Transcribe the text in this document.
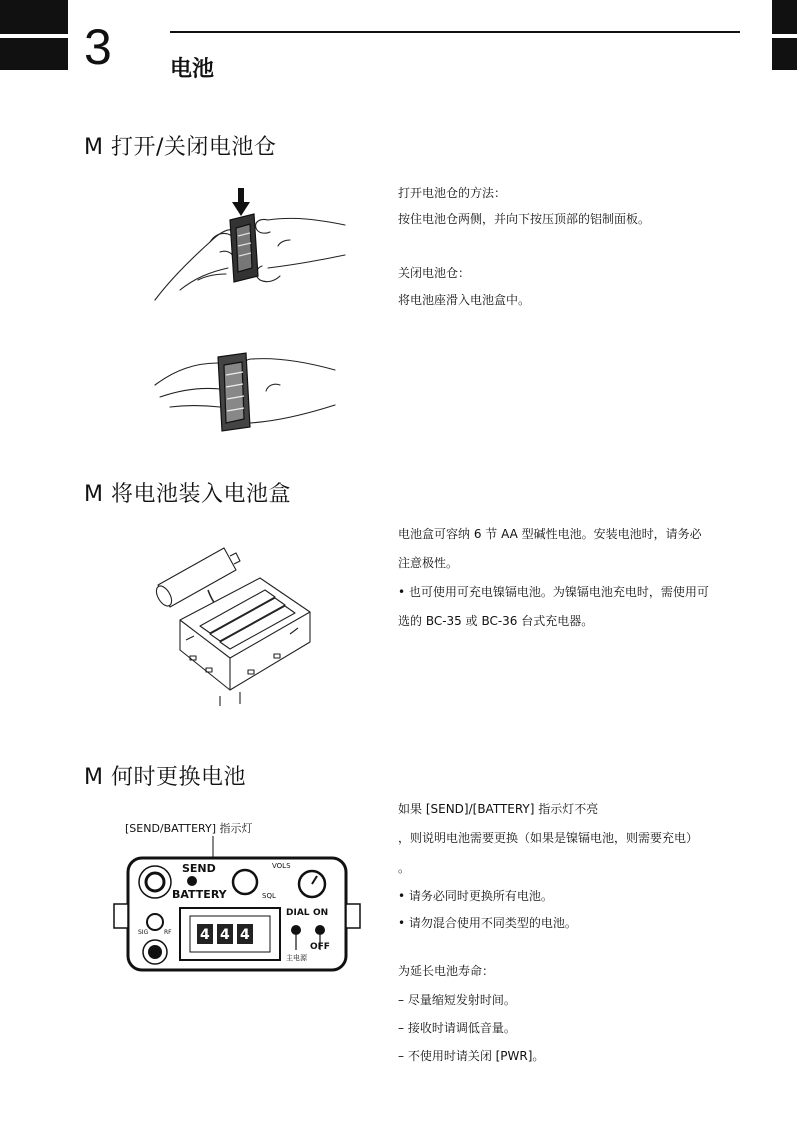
3	电池
M 打开/关闭电池仓
打开电池仓的方法：
按住电池仓两侧，并向下按压顶部的铝制面板。
关闭电池仓：
将电池座滑入电池盒中。
M 将电池装入电池盒
电池盒可容纳 6 节 AA 型碱性电池。安装电池时，请务必
注意极性。
• 也可使用可充电镍镉电池。为镍镉电池充电时，需使用可
选的 BC-35 或 BC-36 台式充电器。
M 何时更换电池
[SEND/BATTERY] 指示灯
SIG	RF
SEND
BATTERY	SQL
VOLS
4 4 4
DIAL ON
OFF
主电源
如果 [SEND]/[BATTERY] 指示灯不亮
，则说明电池需要更换（如果是镍镉电池，则需要充电）
。
• 请务必同时更换所有电池。
• 请勿混合使用不同类型的电池。
为延长电池寿命：
– 尽量缩短发射时间。
– 接收时请调低音量。
– 不使用时请关闭 [PWR]。
